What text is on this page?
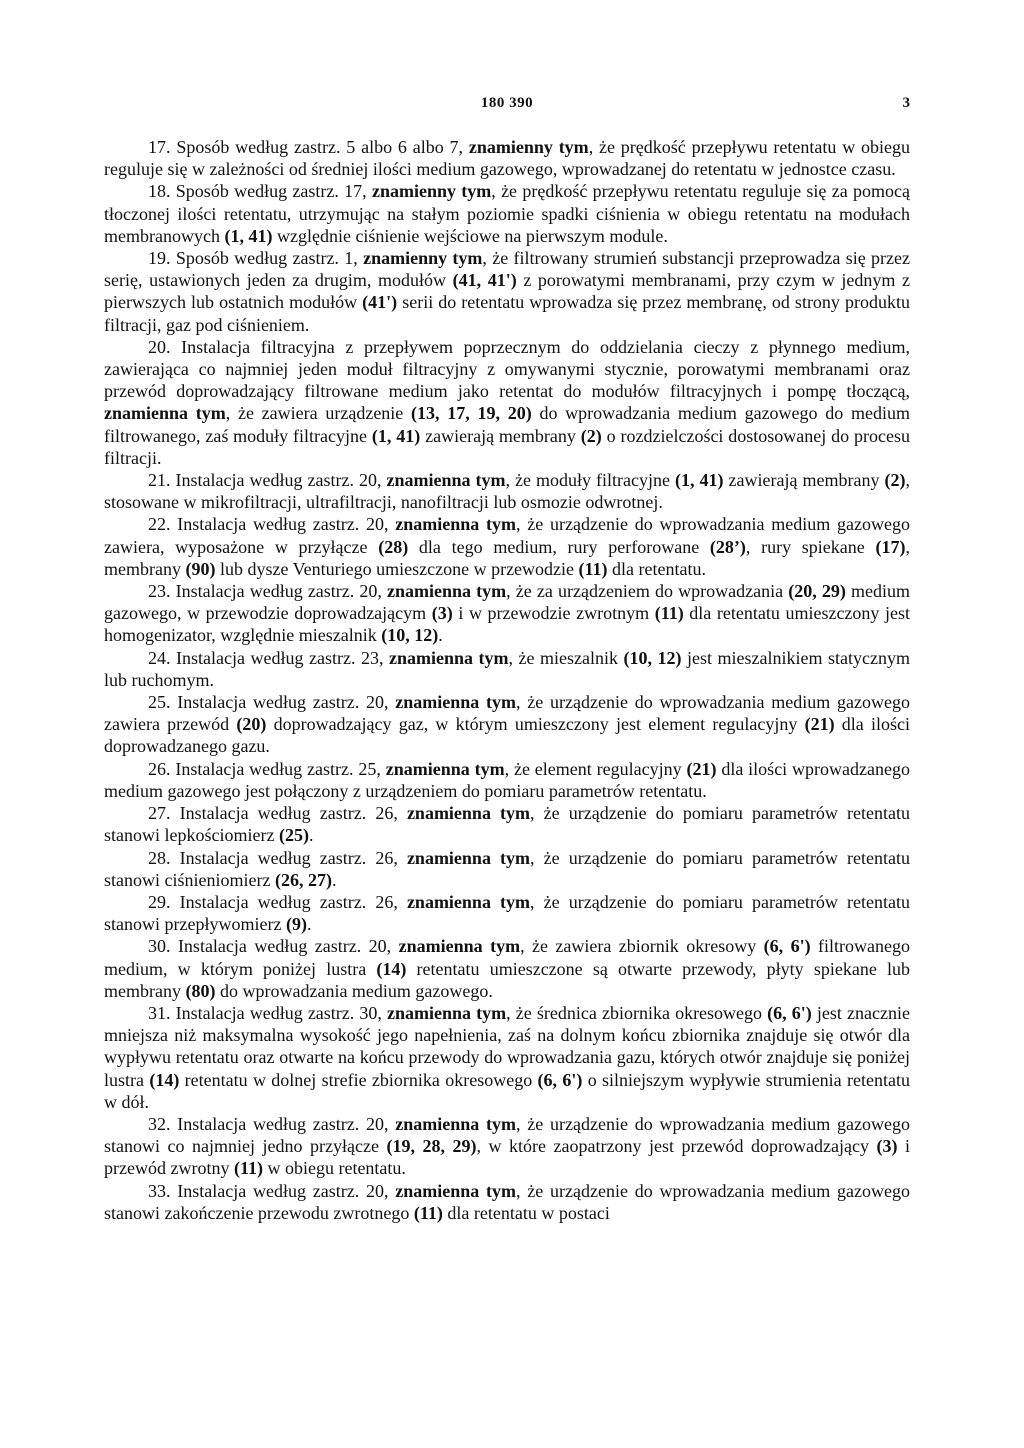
180 390	3

17. Sposób według zastrz. 5 albo 6 albo 7, znamienny tym, że prędkość przepływu retentatu w obiegu reguluje się w zależności od średniej ilości medium gazowego, wprowadzanej do retentatu w jednostce czasu.

18. Sposób według zastrz. 17, znamienny tym, że prędkość przepływu retentatu reguluje się za pomocą tłoczonej ilości retentatu, utrzymując na stałym poziomie spadki ciśnienia w obiegu retentatu na modułach membranowych (1, 41) względnie ciśnienie wejściowe na pierwszym module.

19. Sposób według zastrz. 1, znamienny tym, że filtrowany strumień substancji przeprowadza się przez serię, ustawionych jeden za drugim, modułów (41, 41') z porowatymi membranami, przy czym w jednym z pierwszych lub ostatnich modułów (41') serii do retentatu wprowadza się przez membranę, od strony produktu filtracji, gaz pod ciśnieniem.

20. Instalacja filtracyjna z przepływem poprzecznym do oddzielania cieczy z płynnego medium, zawierająca co najmniej jeden moduł filtracyjny z omywanymi stycznie, porowatymi membranami oraz przewód doprowadzający filtrowane medium jako retentat do modułów filtracyjnych i pompę tłoczącą, znamienna tym, że zawiera urządzenie (13, 17, 19, 20) do wprowadzania medium gazowego do medium filtrowanego, zaś moduły filtracyjne (1, 41) zawierają membrany (2) o rozdzielczości dostosowanej do procesu filtracji.

21. Instalacja według zastrz. 20, znamienna tym, że moduły filtracyjne (1, 41) zawierają membrany (2), stosowane w mikrofiltracji, ultrafiltracji, nanofiltracji lub osmozie odwrotnej.

22. Instalacja według zastrz. 20, znamienna tym, że urządzenie do wprowadzania medium gazowego zawiera, wyposażone w przyłącze (28) dla tego medium, rury perforowane (28’), rury spiekane (17), membrany (90) lub dysze Venturiego umieszczone w przewodzie (11) dla retentatu.

23. Instalacja według zastrz. 20, znamienna tym, że za urządzeniem do wprowadzania (20, 29) medium gazowego, w przewodzie doprowadzającym (3) i w przewodzie zwrotnym (11) dla retentatu umieszczony jest homogenizator, względnie mieszalnik (10, 12).

24. Instalacja według zastrz. 23, znamienna tym, że mieszalnik (10, 12) jest mieszalnikiem statycznym lub ruchomym.

25. Instalacja według zastrz. 20, znamienna tym, że urządzenie do wprowadzania medium gazowego zawiera przewód (20) doprowadzający gaz, w którym umieszczony jest element regulacyjny (21) dla ilości doprowadzanego gazu.

26. Instalacja według zastrz. 25, znamienna tym, że element regulacyjny (21) dla ilości wprowadzanego medium gazowego jest połączony z urządzeniem do pomiaru parametrów retentatu.

27. Instalacja według zastrz. 26, znamienna tym, że urządzenie do pomiaru parametrów retentatu stanowi lepkościomierz (25).

28. Instalacja według zastrz. 26, znamienna tym, że urządzenie do pomiaru parametrów retentatu stanowi ciśnieniomierz (26, 27).

29. Instalacja według zastrz. 26, znamienna tym, że urządzenie do pomiaru parametrów retentatu stanowi przepływomierz (9).

30. Instalacja według zastrz. 20, znamienna tym, że zawiera zbiornik okresowy (6, 6') filtrowanego medium, w którym poniżej lustra (14) retentatu umieszczone są otwarte przewody, płyty spiekane lub membrany (80) do wprowadzania medium gazowego.

31. Instalacja według zastrz. 30, znamienna tym, że średnica zbiornika okresowego (6, 6') jest znacznie mniejsza niż maksymalna wysokość jego napełnienia, zaś na dolnym końcu zbiornika znajduje się otwór dla wypływu retentatu oraz otwarte na końcu przewody do wprowadzania gazu, których otwór znajduje się poniżej lustra (14) retentatu w dolnej strefie zbiornika okresowego (6, 6') o silniejszym wypływie strumienia retentatu w dół.

32. Instalacja według zastrz. 20, znamienna tym, że urządzenie do wprowadzania medium gazowego stanowi co najmniej jedno przyłącze (19, 28, 29), w które zaopatrzony jest przewód doprowadzający (3) i przewód zwrotny (11) w obiegu retentatu.

33. Instalacja według zastrz. 20, znamienna tym, że urządzenie do wprowadzania medium gazowego stanowi zakończenie przewodu zwrotnego (11) dla retentatu w postaci
